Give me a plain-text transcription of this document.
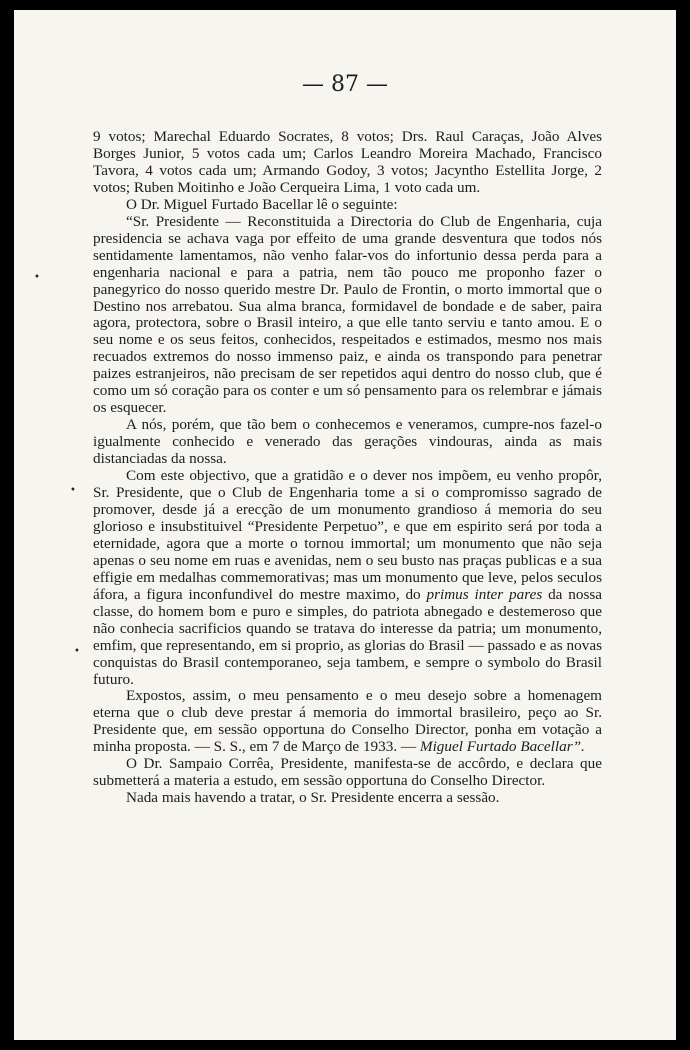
— 87 —
•
•
•

9 votos; Marechal Eduardo Socrates, 8 votos; Drs. Raul Caraças, João Alves Borges Junior, 5 votos cada um; Carlos Leandro Moreira Machado, Francisco Tavora, 4 votos cada um; Armando Godoy, 3 votos; Jacyntho Estellita Jorge, 2 votos; Ruben Moitinho e João Cerqueira Lima, 1 voto cada um.

O Dr. Miguel Furtado Bacellar lê o seguinte:

“Sr. Presidente — Reconstituida a Directoria do Club de Engenharia, cuja presidencia se achava vaga por effeito de uma grande desventura que todos nós sentidamente lamentamos, não venho falar-vos do infortunio dessa perda para a engenharia nacional e para a patria, nem tão pouco me proponho fazer o panegyrico do nosso querido mestre Dr. Paulo de Frontin, o morto immortal que o Destino nos arrebatou. Sua alma branca, formidavel de bondade e de saber, paira agora, protectora, sobre o Brasil inteiro, a que elle tanto serviu e tanto amou. E o seu nome e os seus feitos, conhecidos, respeitados e estimados, mesmo nos mais recuados extremos do nosso immenso paiz, e ainda os transpondo para penetrar paizes estranjeiros, não precisam de ser repetidos aqui dentro do nosso club, que é como um só coração para os conter e um só pensamento para os relembrar e jámais os esquecer.

A nós, porém, que tão bem o conhecemos e veneramos, cumpre-nos fazel-o igualmente conhecido e venerado das gerações vindouras, ainda as mais distanciadas da nossa.

Com este objectivo, que a gratidão e o dever nos impõem, eu venho propôr, Sr. Presidente, que o Club de Engenharia tome a si o compromisso sagrado de promover, desde já a erecção de um monumento grandioso á memoria do seu glorioso e insubstituivel “Presidente Perpetuo”, e que em espirito será por toda a eternidade, agora que a morte o tornou immortal; um monumento que não seja apenas o seu nome em ruas e avenidas, nem o seu busto nas praças publicas e a sua effigie em medalhas commemorativas; mas um monumento que leve, pelos seculos áfora, a figura inconfundivel do mestre maximo, do primus inter pares da nossa classe, do homem bom e puro e simples, do patriota abnegado e destemeroso que não conhecia sacrificios quando se tratava do interesse da patria; um monumento, emfim, que representando, em si proprio, as glorias do Brasil — passado e as novas conquistas do Brasil contemporaneo, seja tambem, e sempre o symbolo do Brasil futuro.

Expostos, assim, o meu pensamento e o meu desejo sobre a homenagem eterna que o club deve prestar á memoria do immortal brasileiro, peço ao Sr. Presidente que, em sessão opportuna do Conselho Director, ponha em votação a minha proposta. — S. S., em 7 de Março de 1933. — Miguel Furtado Bacellar”.

O Dr. Sampaio Corrêa, Presidente, manifesta-se de accôrdo, e declara que submetterá a materia a estudo, em sessão opportuna do Conselho Director.

Nada mais havendo a tratar, o Sr. Presidente encerra a sessão.
